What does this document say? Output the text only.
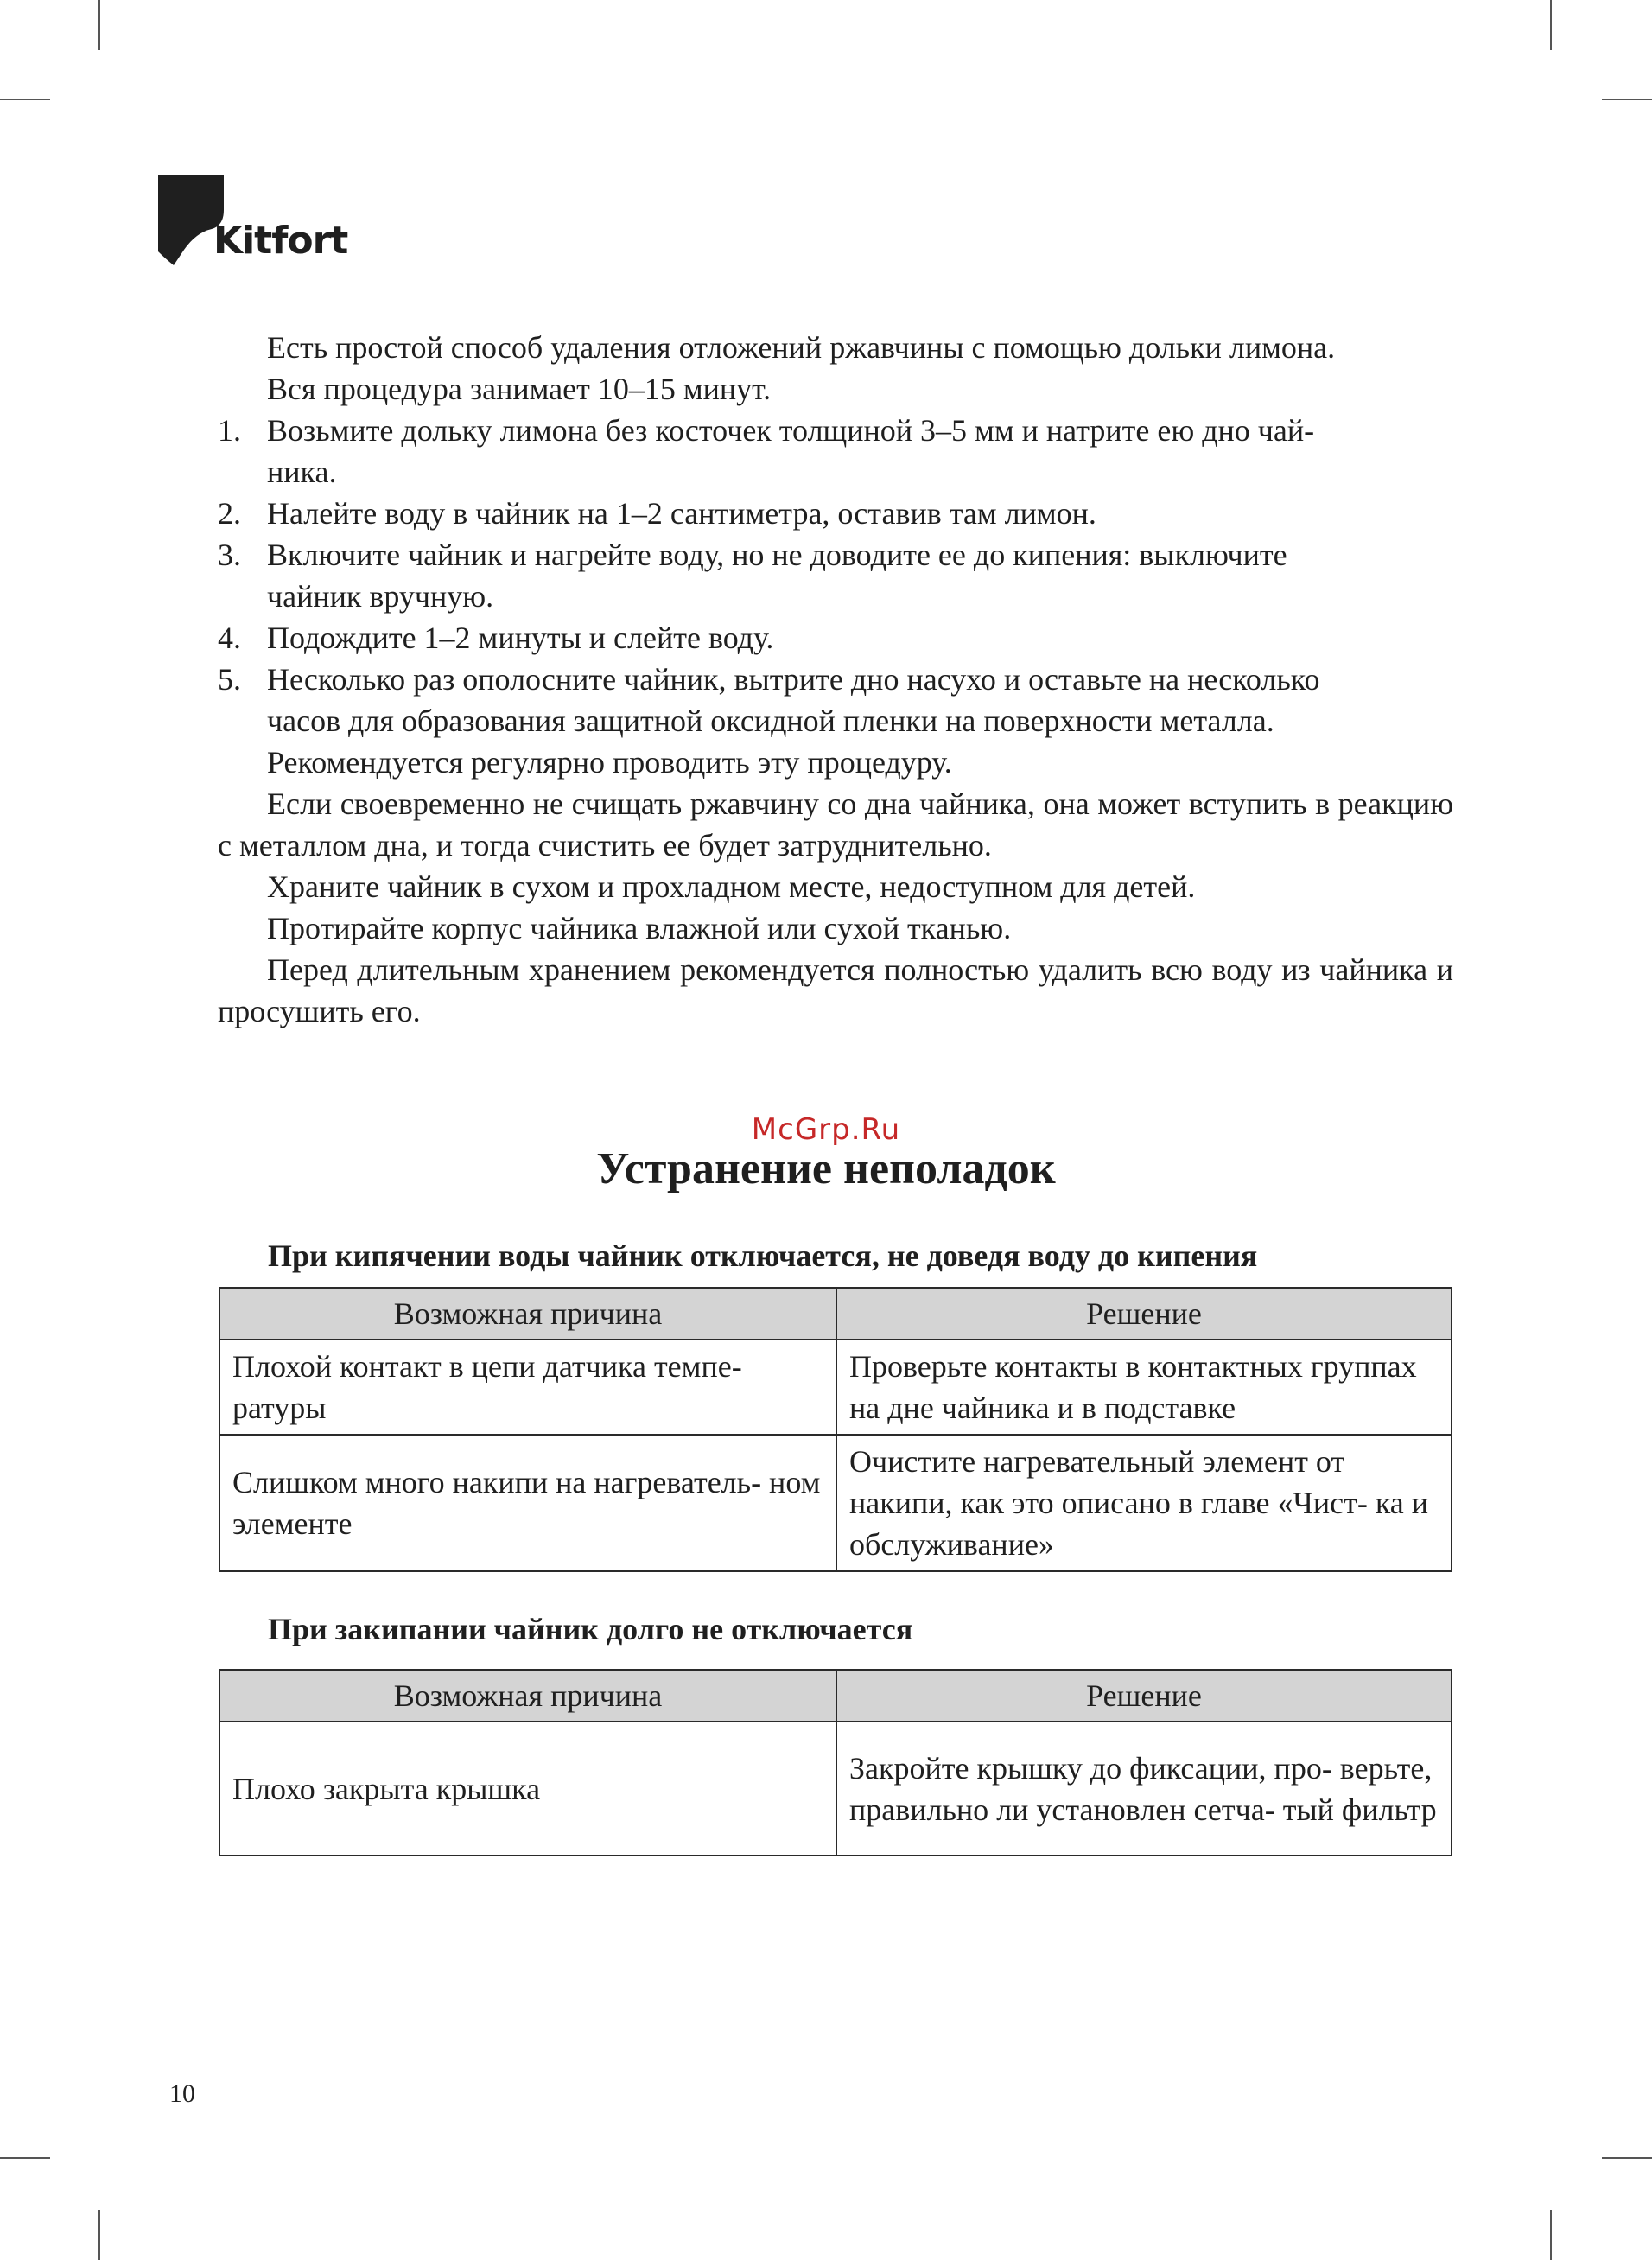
Kitfort

Есть простой способ удаления отложений ржавчины с помощью дольки лимона.

Вся процедура занимает 10–15 минут.

1. Возьмите дольку лимона без косточек толщиной 3–5 мм и натрите ею дно чай-
ника.
2. Налейте воду в чайник на 1–2 сантиметра, оставив там лимон.
3. Включите чайник и нагрейте воду, но не доводите ее до кипения: выключите
чайник вручную.
4. Подождите 1–2 минуты и слейте воду.
5. Несколько раз ополосните чайник, вытрите дно насухо и оставьте на несколько
часов для образования защитной оксидной пленки на поверхности металла.

Рекомендуется регулярно проводить эту процедуру.

Если своевременно не счищать ржавчину со дна чайника, она может вступить в реакцию с металлом дна, и тогда счистить ее будет затруднительно.

Храните чайник в сухом и прохладном месте, недоступном для детей.

Протирайте корпус чайника влажной или сухой тканью.

Перед длительным хранением рекомендуется полностью удалить всю воду из чайника и просушить его.

McGrp.Ru
Устранение неполадок
При кипячении воды чайник отключается, не доведя воду до кипения
Возможная причина	Решение
Плохой контакт в цепи датчика темпе- ратуры	Проверьте контакты в контактных группах на дне чайника и в подставке
Слишком много накипи на нагреватель- ном элементе	Очистите нагревательный элемент от накипи, как это описано в главе «Чист- ка и обслуживание»
При закипании чайник долго не отключается
Возможная причина	Решение
Плохо закрыта крышка	Закройте крышку до фиксации, про- верьте, правильно ли установлен сетча- тый фильтр
10
